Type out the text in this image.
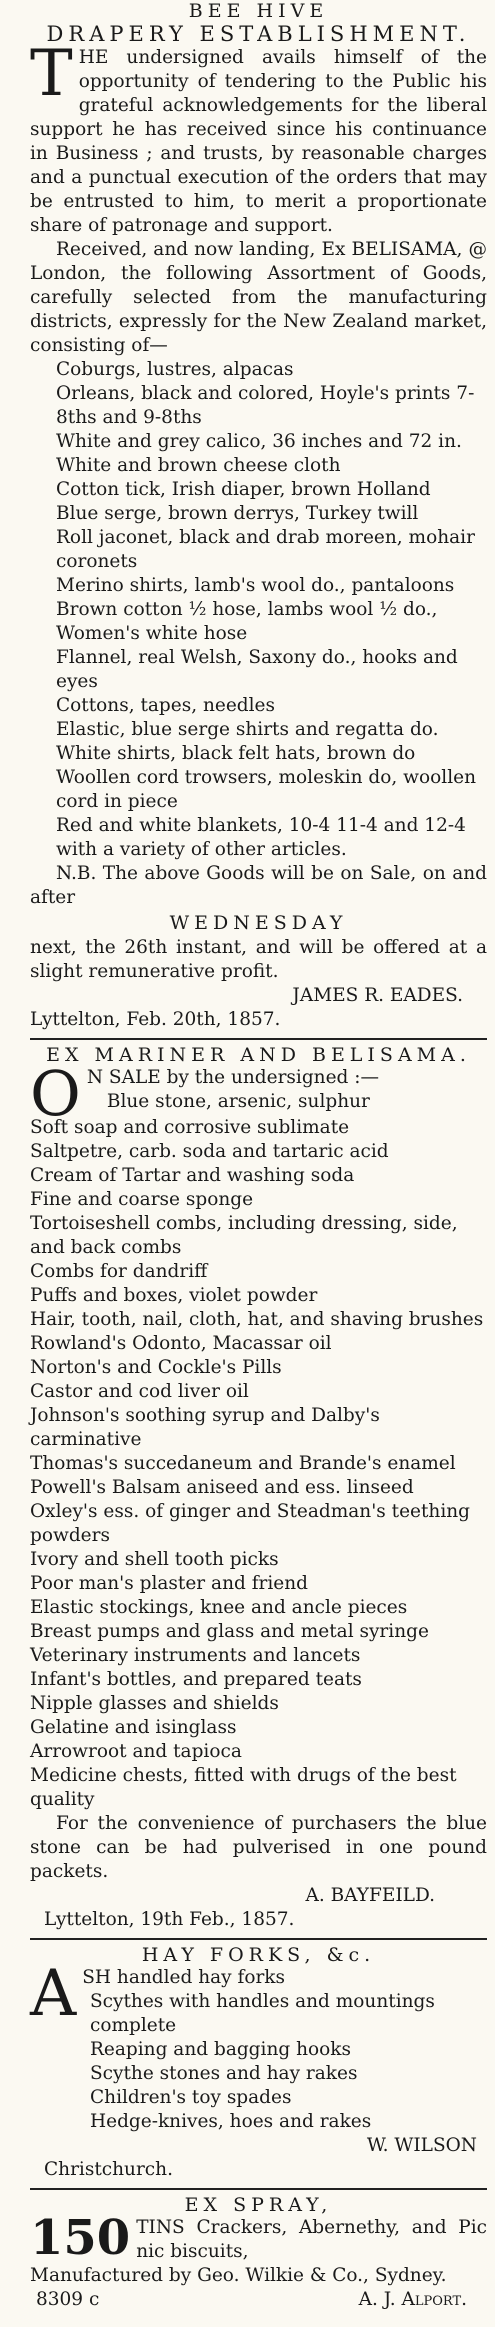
BEE HIVE
DRAPERY ESTABLISHMENT.

THE undersigned avails himself of the opportunity of tendering to the Public his grateful acknowledgements for the liberal support he has received since his continuance in Business ; and trusts, by reasonable charges and a punctual execution of the orders that may be entrusted to him, to merit a proportionate share of patronage and support.

Received, and now landing, Ex BELISAMA, @ London, the following Assortment of Goods, carefully selected from the manufacturing districts, expressly for the New Zealand market, consisting of—

Coburgs, lustres, alpacas
Orleans, black and colored, Hoyle's prints 7-8ths and 9-8ths
White and grey calico, 36 inches and 72 in.
White and brown cheese cloth
Cotton tick, Irish diaper, brown Holland
Blue serge, brown derrys, Turkey twill
Roll jaconet, black and drab moreen, mohair coronets
Merino shirts, lamb's wool do., pantaloons
Brown cotton ½ hose, lambs wool ½ do.,
Women's white hose
Flannel, real Welsh, Saxony do., hooks and eyes
Cottons, tapes, needles
Elastic, blue serge shirts and regatta do.
White shirts, black felt hats, brown do
Woollen cord trowsers, moleskin do, woollen cord in piece
Red and white blankets, 10-4 11-4 and 12-4 with a variety of other articles.

N.B. The above Goods will be on Sale, on and after

WEDNESDAY

next, the 26th instant, and will be offered at a slight remunerative profit.

JAMES R. EADES.
Lyttelton, Feb. 20th, 1857.
EX MARINER AND BELISAMA.

O N SALE by the undersigned :—
Blue stone, arsenic, sulphur

Soft soap and corrosive sublimate
Saltpetre, carb. soda and tartaric acid
Cream of Tartar and washing soda
Fine and coarse sponge
Tortoiseshell combs, including dressing, side, and back combs
Combs for dandriff
Puffs and boxes, violet powder
Hair, tooth, nail, cloth, hat, and shaving brushes
Rowland's Odonto, Macassar oil
Norton's and Cockle's Pills
Castor and cod liver oil
Johnson's soothing syrup and Dalby's carminative
Thomas's succedaneum and Brande's enamel
Powell's Balsam aniseed and ess. linseed
Oxley's ess. of ginger and Steadman's teething powders
Ivory and shell tooth picks
Poor man's plaster and friend
Elastic stockings, knee and ancle pieces
Breast pumps and glass and metal syringe
Veterinary instruments and lancets
Infant's bottles, and prepared teats
Nipple glasses and shields
Gelatine and isinglass
Arrowroot and tapioca
Medicine chests, fitted with drugs of the best quality

For the convenience of purchasers the blue stone can be had pulverised in one pound packets.

A. BAYFEILD.
Lyttelton, 19th Feb., 1857.
HAY FORKS, &c.

ASH handled hay forks

Scythes with handles and mountings complete
Reaping and bagging hooks
Scythe stones and hay rakes
Children's toy spades
Hedge-knives, hoes and rakes
W. WILSON
Christchurch.
EX SPRAY,

150 TINS Crackers, Abernethy, and Pic nic biscuits,

Manufactured by Geo. Wilkie & Co., Sydney.

8309 c	A. J. Alport.
